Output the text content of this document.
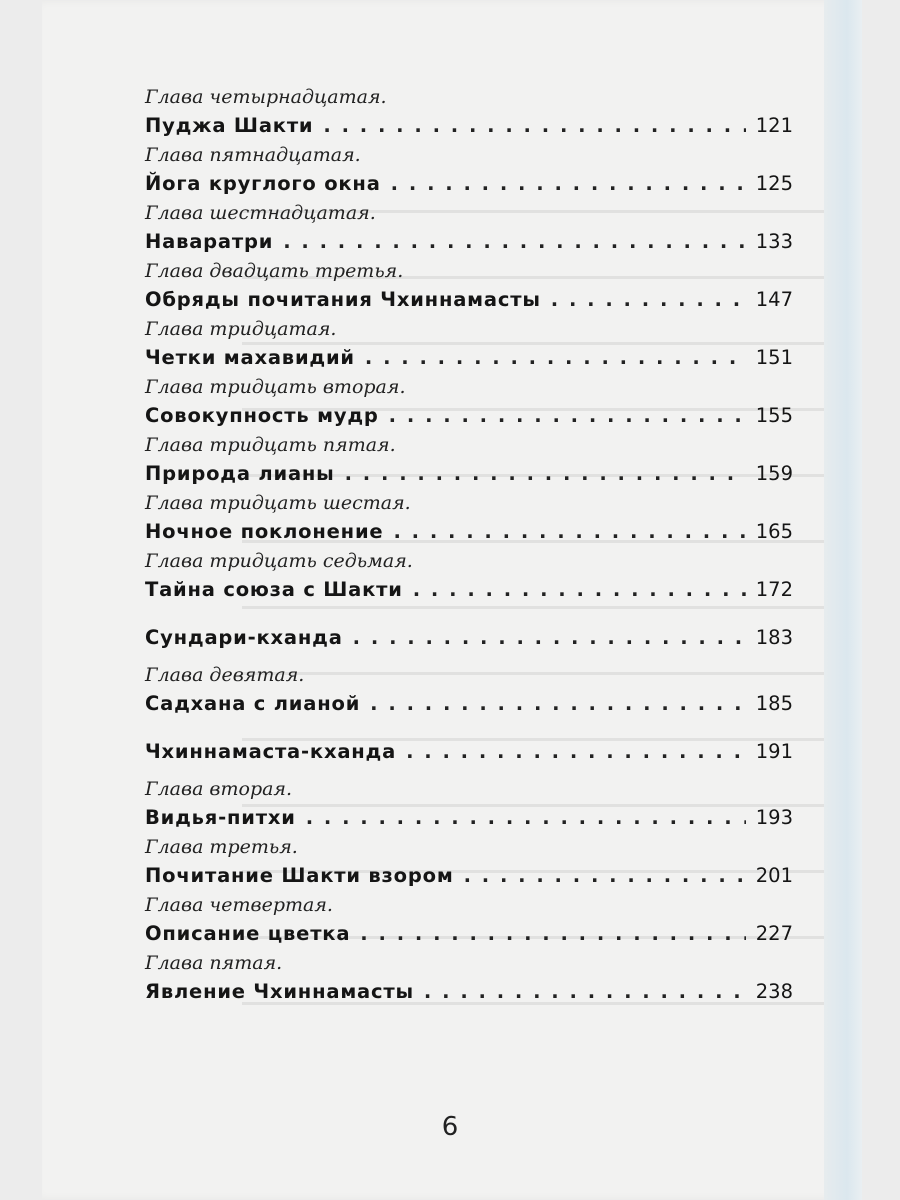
Глава четырнадцатая.
Пуджа Шакти . . .	121
Глава пятнадцатая.
Йога круглого окна . . .	125
Глава шестнадцатая.
Наваратри . . .	133
Глава двадцать третья.
Обряды почитания Чхиннамасты . . .	147
Глава тридцатая.
Четки махавидий . . .	151
Глава тридцать вторая.
Совокупность мудр . . .	155
Глава тридцать пятая.
Природа лианы . . .	159
Глава тридцать шестая.
Ночное поклонение . . .	165
Глава тридцать седьмая.
Тайна союза с Шакти . . .	172
Сундари-кханда . . .	183
Глава девятая.
Садхана с лианой . . .	185
Чхиннамаста-кханда . . .	191
Глава вторая.
Видья-питхи . . .	193
Глава третья.
Почитание Шакти взором . . .	201
Глава четвертая.
Описание цветка . . .	227
Глава пятая.
Явление Чхиннамасты . . .	238
6
